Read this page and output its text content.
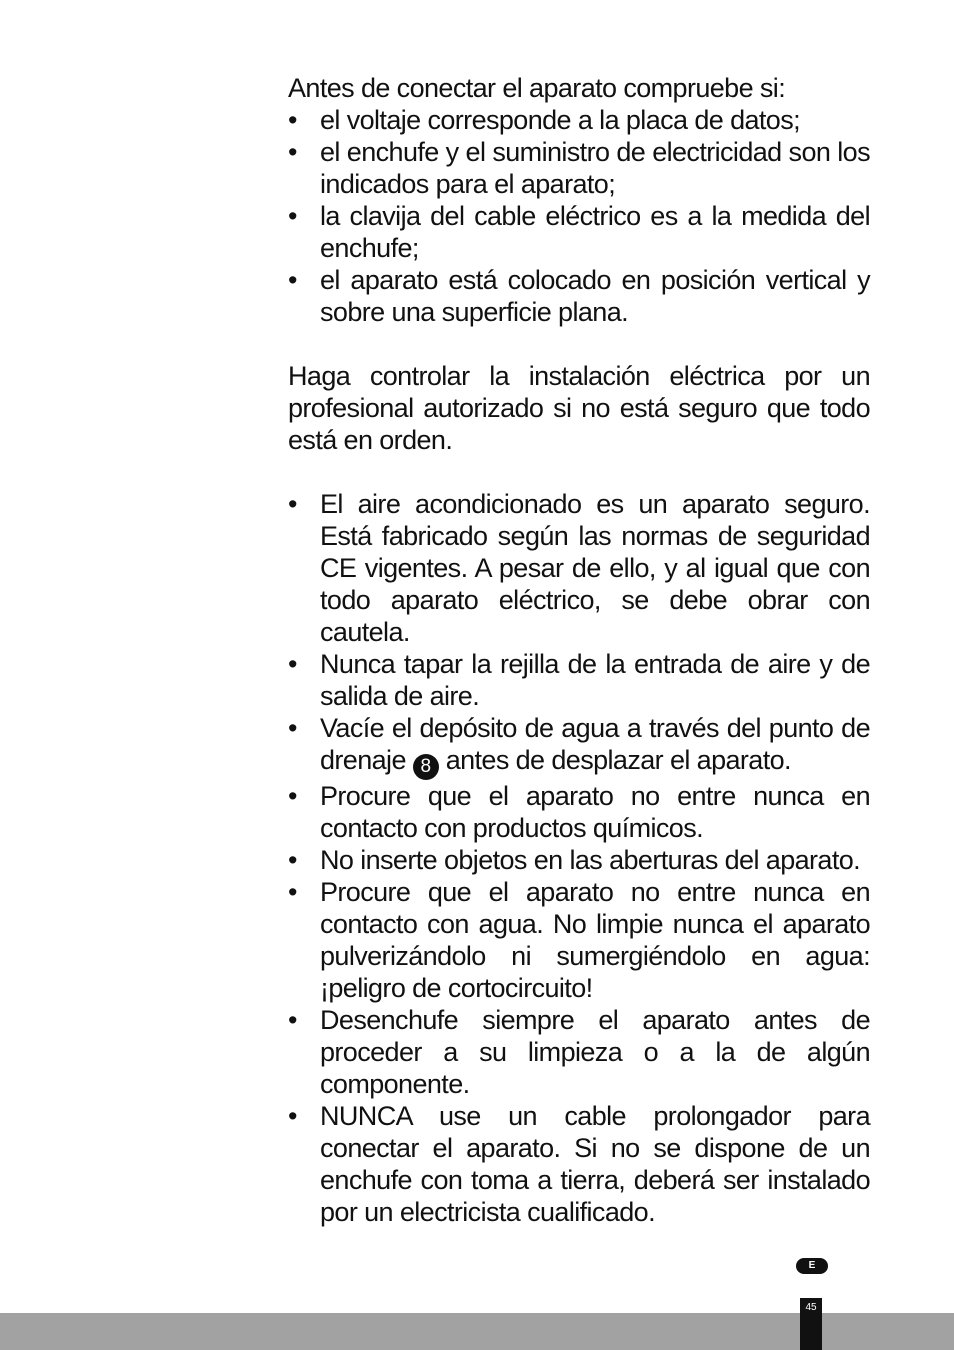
Antes de conectar el aparato compruebe si:

• el voltaje corresponde a la placa de datos;
• el enchufe y el suministro de electricidad son los indicados para el aparato;
• la clavija del cable eléctrico es a la medida del enchufe;
• el aparato está colocado en posición vertical y sobre una superficie plana.

Haga controlar la instalación eléctrica por un profesional autorizado si no está seguro que todo está en orden.

• El aire acondicionado es un aparato seguro. Está fabricado según las normas de seguridad CE vigentes. A pesar de ello, y al igual que con todo aparato eléctrico, se debe obrar con cautela.
• Nunca tapar la rejilla de la entrada de aire y de salida de aire.
• Vacíe el depósito de agua a través del punto de drenaje 8 antes de desplazar el aparato.
• Procure que el aparato no entre nunca en contacto con productos químicos.
• No inserte objetos en las aberturas del aparato.
• Procure que el aparato no entre nunca en contacto con agua. No limpie nunca el aparato pulverizándolo ni sumergiéndolo en agua: ¡peligro de cortocircuito!
• Desenchufe siempre el aparato antes de proceder a su limpieza o a la de algún componente.
• NUNCA use un cable prolongador para conectar el aparato. Si no se dispone de un enchufe con toma a tierra, deberá ser instalado por un electricista cualificado.
E
45
